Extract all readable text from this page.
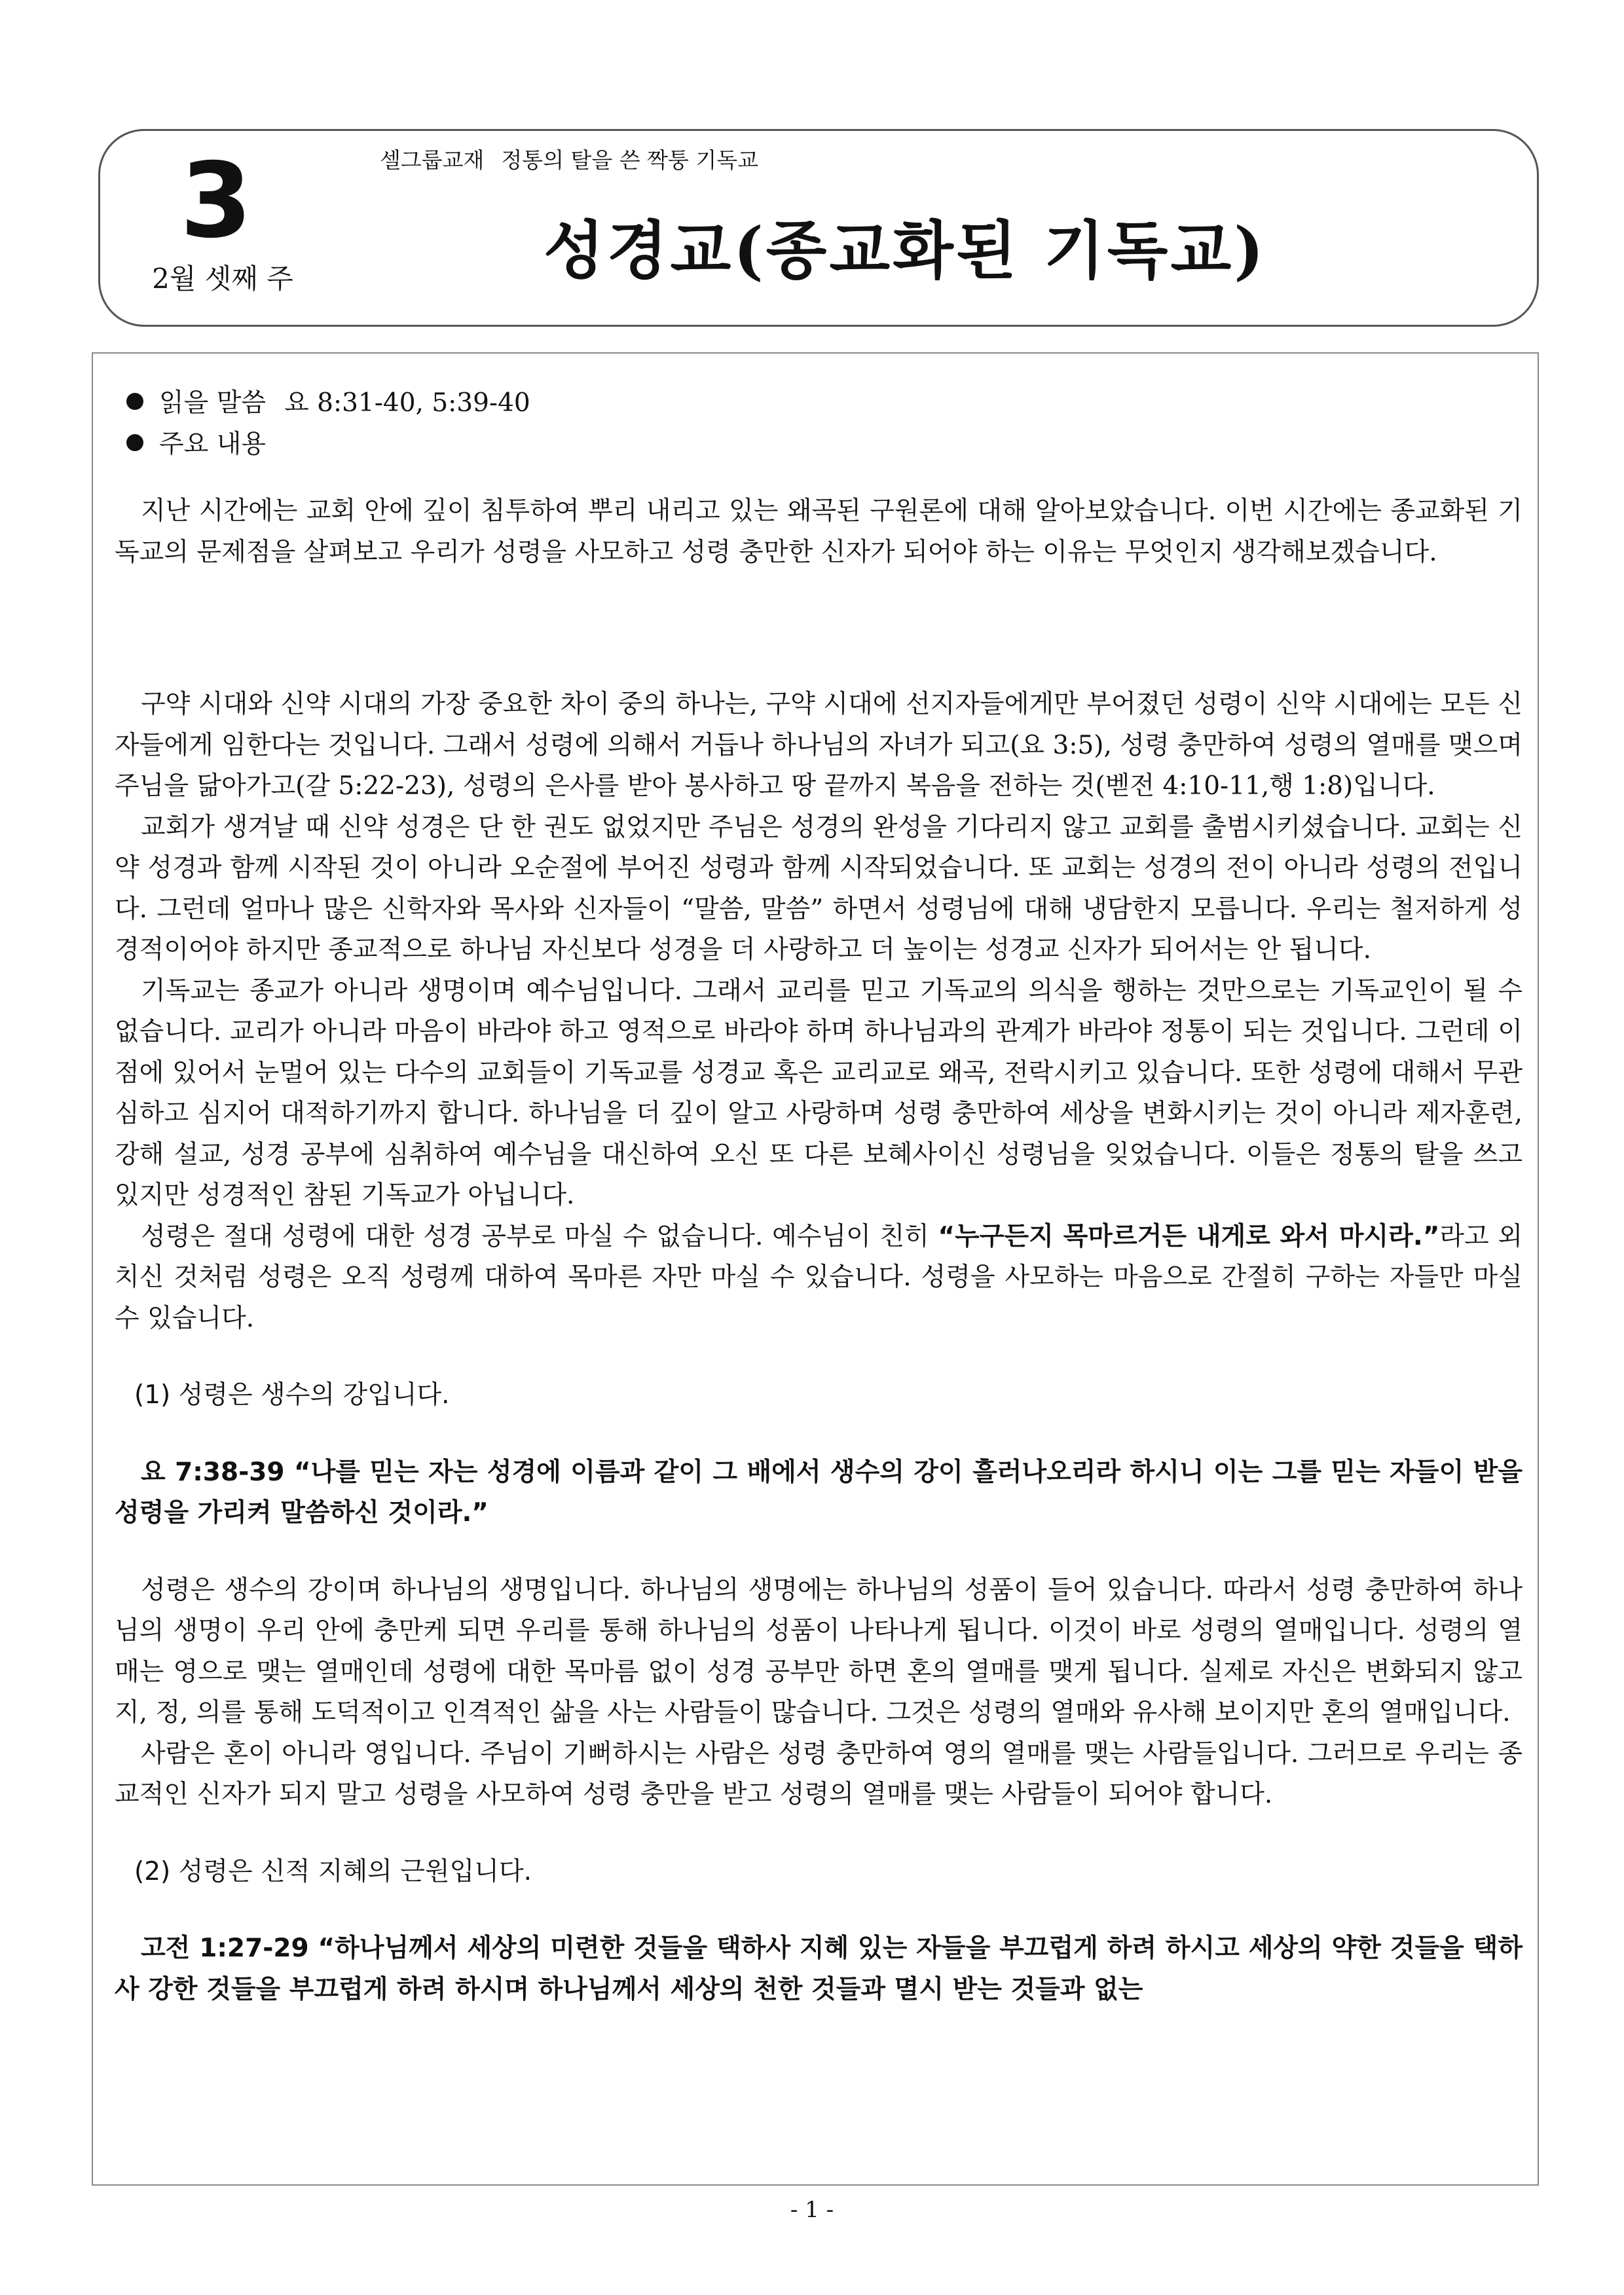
3
2월 셋째 주
셀그룹교재 정통의 탈을 쓴 짝퉁 기독교
성경교(종교화된 기독교)
읽을 말씀 요 8:31-40, 5:39-40
주요 내용

지난 시간에는 교회 안에 깊이 침투하여 뿌리 내리고 있는 왜곡된 구원론에 대해 알아보았습니다. 이번 시간에는 종교화된 기독교의 문제점을 살펴보고 우리가 성령을 사모하고 성령 충만한 신자가 되어야 하는 이유는 무엇인지 생각해보겠습니다.

구약 시대와 신약 시대의 가장 중요한 차이 중의 하나는, 구약 시대에 선지자들에게만 부어졌던 성령이 신약 시대에는 모든 신자들에게 임한다는 것입니다. 그래서 성령에 의해서 거듭나 하나님의 자녀가 되고(요 3:5), 성령 충만하여 성령의 열매를 맺으며 주님을 닮아가고(갈 5:22-23), 성령의 은사를 받아 봉사하고 땅 끝까지 복음을 전하는 것(벧전 4:10-11,행 1:8)입니다.

교회가 생겨날 때 신약 성경은 단 한 권도 없었지만 주님은 성경의 완성을 기다리지 않고 교회를 출범시키셨습니다. 교회는 신약 성경과 함께 시작된 것이 아니라 오순절에 부어진 성령과 함께 시작되었습니다. 또 교회는 성경의 전이 아니라 성령의 전입니다. 그런데 얼마나 많은 신학자와 목사와 신자들이 “말씀, 말씀” 하면서 성령님에 대해 냉담한지 모릅니다. 우리는 철저하게 성경적이어야 하지만 종교적으로 하나님 자신보다 성경을 더 사랑하고 더 높이는 성경교 신자가 되어서는 안 됩니다.

기독교는 종교가 아니라 생명이며 예수님입니다. 그래서 교리를 믿고 기독교의 의식을 행하는 것만으로는 기독교인이 될 수 없습니다. 교리가 아니라 마음이 바라야 하고 영적으로 바라야 하며 하나님과의 관계가 바라야 정통이 되는 것입니다. 그런데 이 점에 있어서 눈멀어 있는 다수의 교회들이 기독교를 성경교 혹은 교리교로 왜곡, 전락시키고 있습니다. 또한 성령에 대해서 무관심하고 심지어 대적하기까지 합니다. 하나님을 더 깊이 알고 사랑하며 성령 충만하여 세상을 변화시키는 것이 아니라 제자훈련, 강해 설교, 성경 공부에 심취하여 예수님을 대신하여 오신 또 다른 보혜사이신 성령님을 잊었습니다. 이들은 정통의 탈을 쓰고 있지만 성경적인 참된 기독교가 아닙니다.

성령은 절대 성령에 대한 성경 공부로 마실 수 없습니다. 예수님이 친히 “누구든지 목마르거든 내게로 와서 마시라.”라고 외치신 것처럼 성령은 오직 성령께 대하여 목마른 자만 마실 수 있습니다. 성령을 사모하는 마음으로 간절히 구하는 자들만 마실 수 있습니다.

(1) 성령은 생수의 강입니다.

요 7:38-39 “나를 믿는 자는 성경에 이름과 같이 그 배에서 생수의 강이 흘러나오리라 하시니 이는 그를 믿는 자들이 받을 성령을 가리켜 말씀하신 것이라.”

성령은 생수의 강이며 하나님의 생명입니다. 하나님의 생명에는 하나님의 성품이 들어 있습니다. 따라서 성령 충만하여 하나님의 생명이 우리 안에 충만케 되면 우리를 통해 하나님의 성품이 나타나게 됩니다. 이것이 바로 성령의 열매입니다. 성령의 열매는 영으로 맺는 열매인데 성령에 대한 목마름 없이 성경 공부만 하면 혼의 열매를 맺게 됩니다. 실제로 자신은 변화되지 않고 지, 정, 의를 통해 도덕적이고 인격적인 삶을 사는 사람들이 많습니다. 그것은 성령의 열매와 유사해 보이지만 혼의 열매입니다.

사람은 혼이 아니라 영입니다. 주님이 기뻐하시는 사람은 성령 충만하여 영의 열매를 맺는 사람들입니다. 그러므로 우리는 종교적인 신자가 되지 말고 성령을 사모하여 성령 충만을 받고 성령의 열매를 맺는 사람들이 되어야 합니다.

(2) 성령은 신적 지혜의 근원입니다.

고전 1:27-29 “하나님께서 세상의 미련한 것들을 택하사 지혜 있는 자들을 부끄럽게 하려 하시고 세상의 약한 것들을 택하사 강한 것들을 부끄럽게 하려 하시며 하나님께서 세상의 천한 것들과 멸시 받는 것들과 없는

- 1 -
